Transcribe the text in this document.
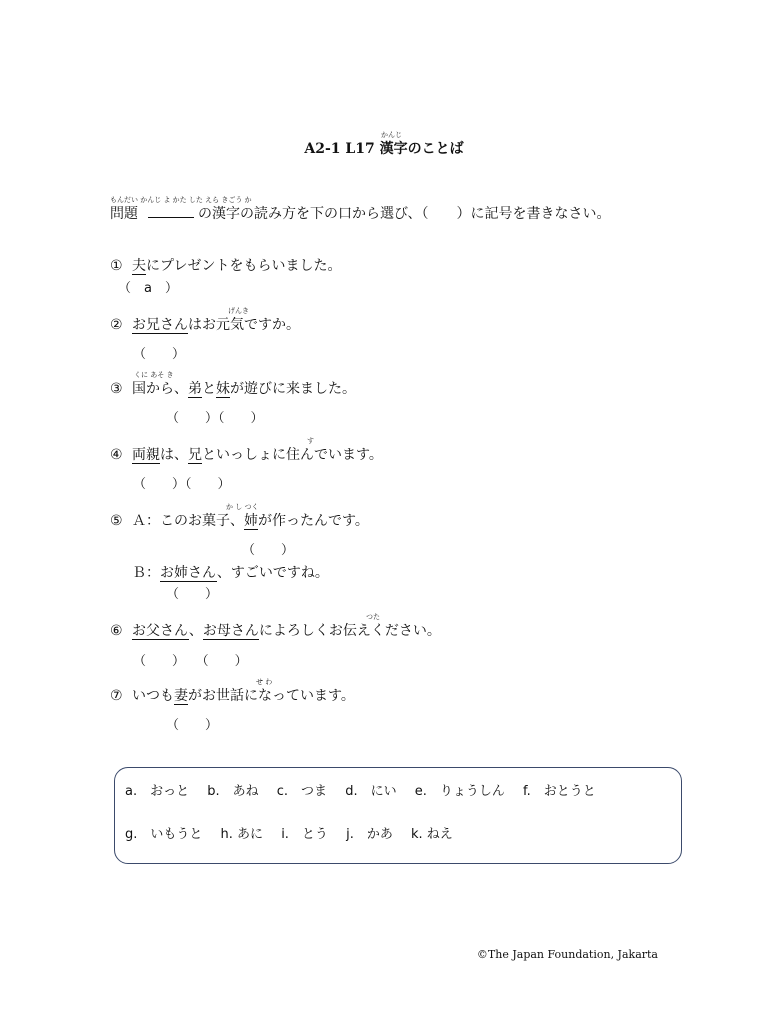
かんじ
A2-1 L17 漢字のことば
もんだい かんじ よ かた した えら きごう か
問題	の漢字の読み方を下の口から選び、（　　）に記号を書きなさい。
① 夫にプレゼントをもらいました。
（　a　）
げんき
② お兄さんはお元気ですか。
（　　）
くに あそ き
③ 国から、弟と妹が遊びに来ました。
（　　）（　　）
す
④ 両親は、兄といっしょに住んでいます。
（　　）（　　）
か し つく
⑤ Ａ：このお菓子、姉が作ったんです。
（　　）
Ｂ：お姉さん、すごいですね。
（　　）
つた
⑥ お父さん、お母さんによろしくお伝えください。
（　　）　 （　　）
せ わ
⑦ いつも妻がお世話になっています。
（　　）
a.　おっと b.　あね c.　つま d.　にい e.　りょうしん f.　おとうと
g.　いもうと h. あに i.　とう j.　かあ k. ねえ
©The Japan Foundation, Jakarta
